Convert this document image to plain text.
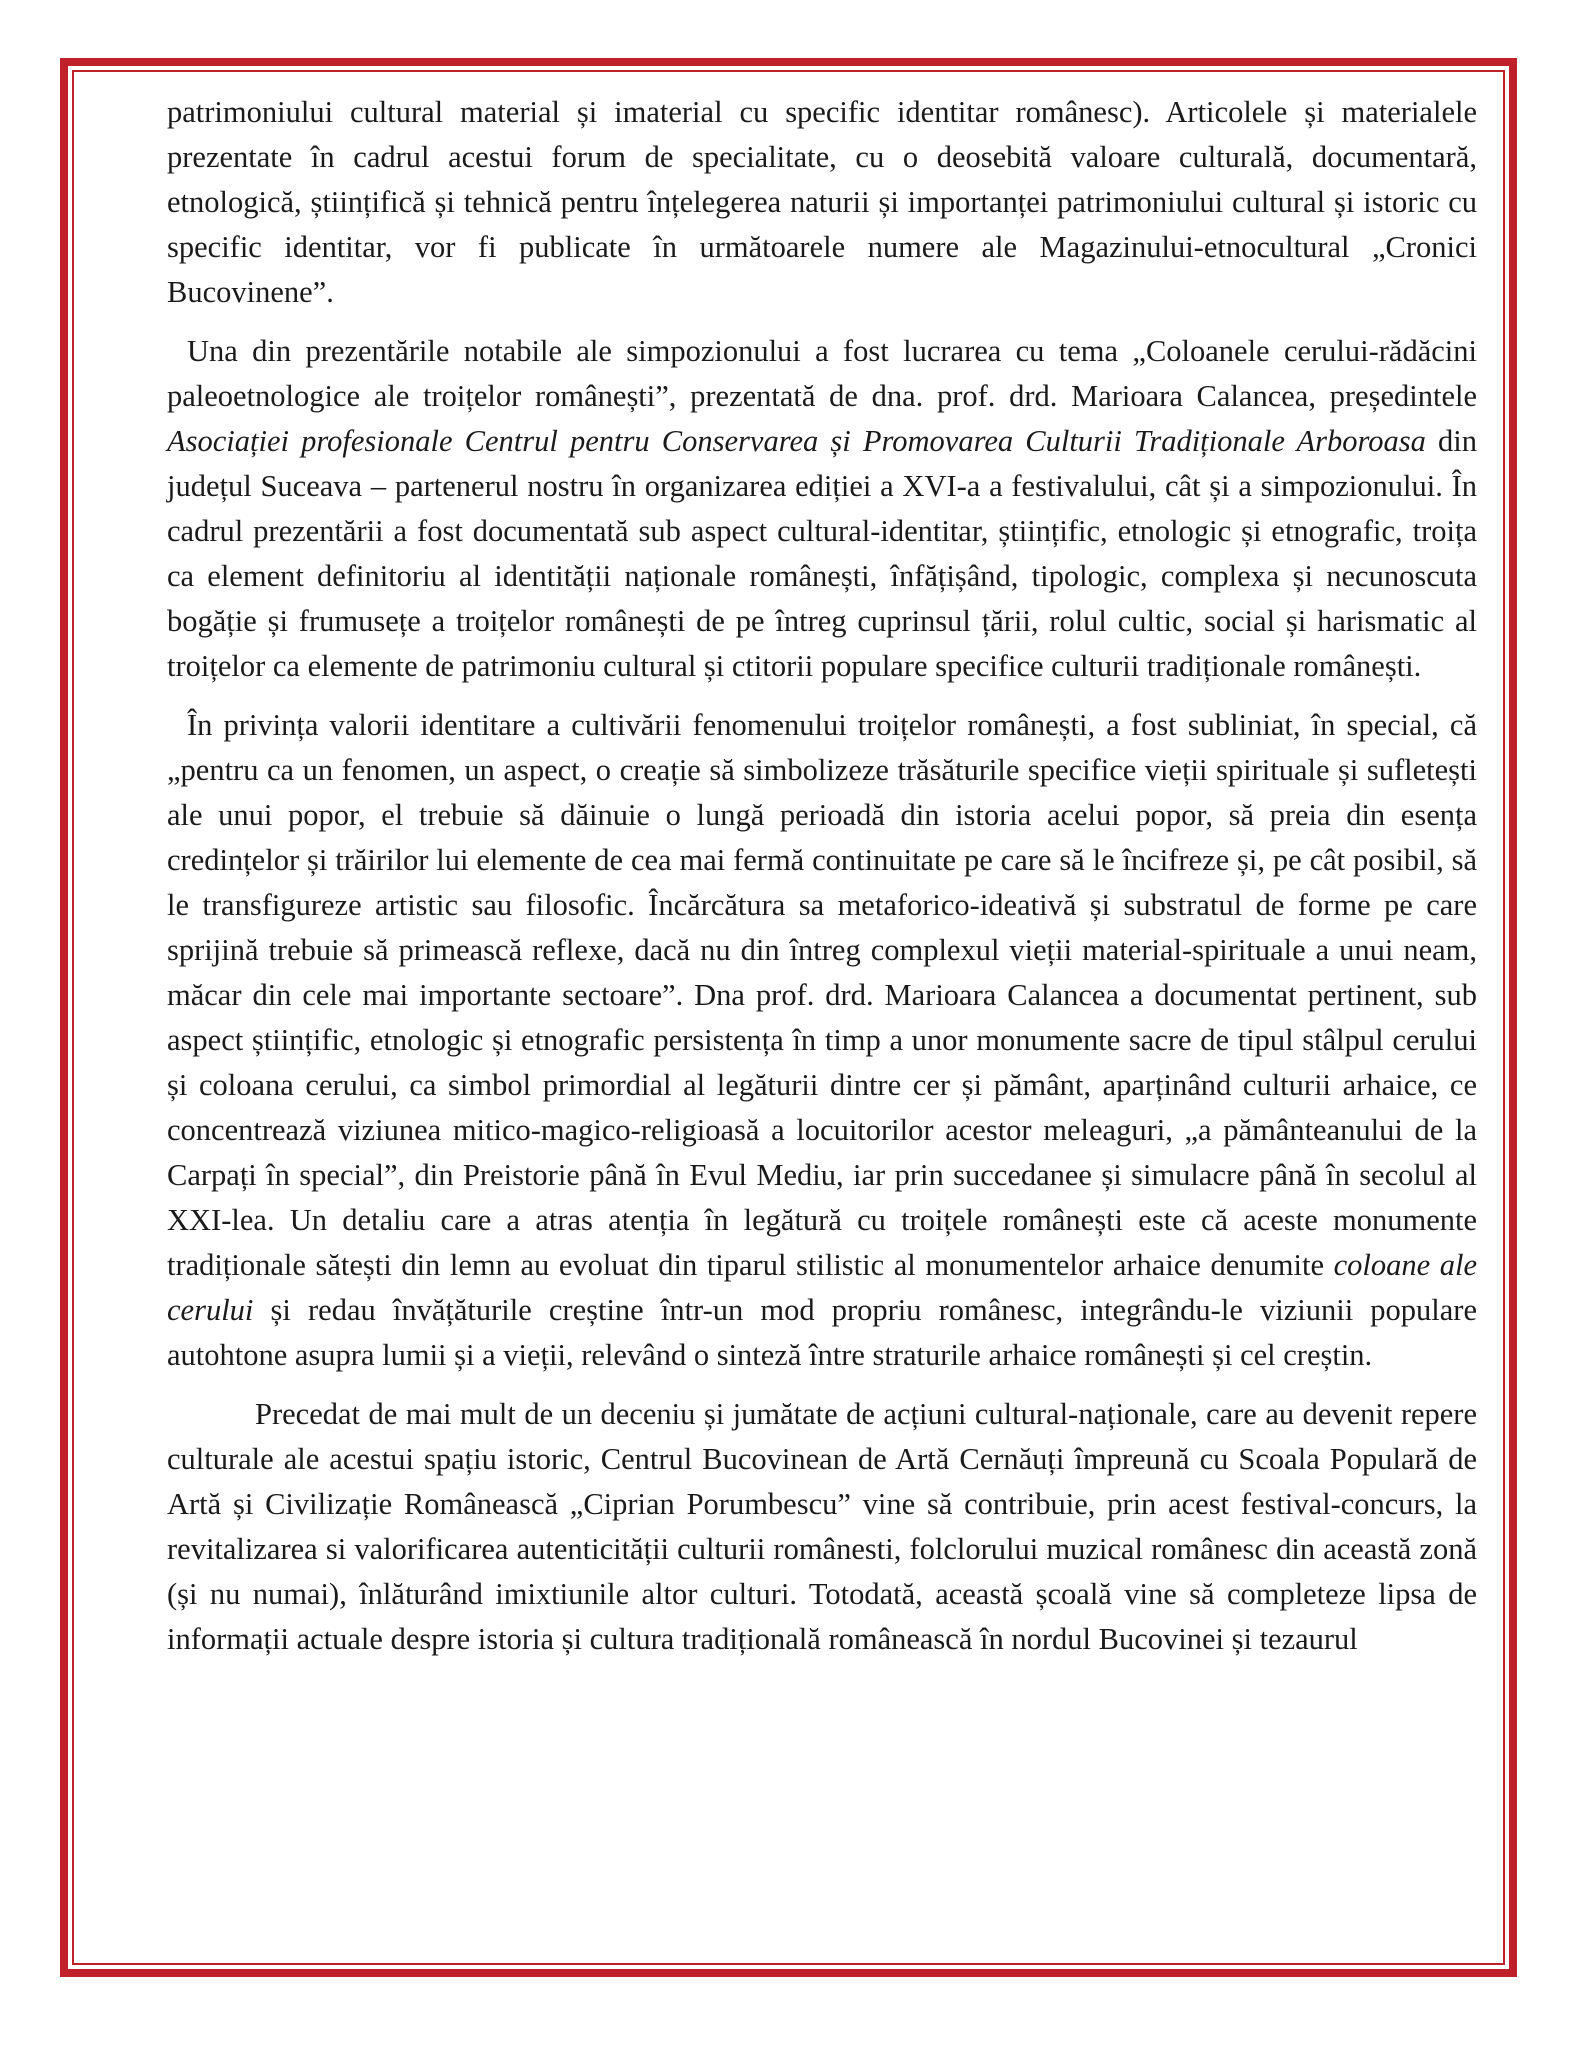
patrimoniului cultural material și imaterial cu specific identitar românesc). Articolele și materialele prezentate în cadrul acestui forum de specialitate, cu o deosebită valoare culturală, documentară, etnologică, științifică și tehnică pentru înțelegerea naturii și importanței patrimoniului cultural și istoric cu specific identitar, vor fi publicate în următoarele numere ale Magazinului-etnocultural „Cronici Bucovinene”.

Una din prezentările notabile ale simpozionului a fost lucrarea cu tema „Coloanele cerului-rădăcini paleoetnologice ale troițelor românești”, prezentată de dna. prof. drd. Marioara Calancea, președintele Asociației profesionale Centrul pentru Conservarea și Promovarea Culturii Tradiționale Arboroasa din județul Suceava – partenerul nostru în organizarea ediției a XVI-a a festivalului, cât și a simpozionului. În cadrul prezentării a fost documentată sub aspect cultural-identitar, științific, etnologic și etnografic, troița ca element definitoriu al identității naționale românești, înfățișând, tipologic, complexa și necunoscuta bogăție și frumusețe a troițelor românești de pe întreg cuprinsul țării, rolul cultic, social și harismatic al troițelor ca elemente de patrimoniu cultural și ctitorii populare specifice culturii tradiționale românești.

În privința valorii identitare a cultivării fenomenului troițelor românești, a fost subliniat, în special, că „pentru ca un fenomen, un aspect, o creație să simbolizeze trăsăturile specifice vieții spirituale și sufletești ale unui popor, el trebuie să dăinuie o lungă perioadă din istoria acelui popor, să preia din esența credințelor și trăirilor lui elemente de cea mai fermă continuitate pe care să le încifreze și, pe cât posibil, să le transfigureze artistic sau filosofic. Încărcătura sa metaforico-ideativă și substratul de forme pe care sprijină trebuie să primească reflexe, dacă nu din întreg complexul vieții material-spirituale a unui neam, măcar din cele mai importante sectoare”. Dna prof. drd. Marioara Calancea a documentat pertinent, sub aspect științific, etnologic și etnografic persistența în timp a unor monumente sacre de tipul stâlpul cerului și coloana cerului, ca simbol primordial al legăturii dintre cer și pământ, aparținând culturii arhaice, ce concentrează viziunea mitico-magico-religioasă a locuitorilor acestor meleaguri, „a pământeanului de la Carpați în special”, din Preistorie până în Evul Mediu, iar prin succedanee și simulacre până în secolul al XXI-lea. Un detaliu care a atras atenția în legătură cu troițele românești este că aceste monumente tradiționale sătești din lemn au evoluat din tiparul stilistic al monumentelor arhaice denumite coloane ale cerului și redau învățăturile creștine într-un mod propriu românesc, integrându-le viziunii populare autohtone asupra lumii și a vieții, relevând o sinteză între straturile arhaice românești și cel creștin.

Precedat de mai mult de un deceniu și jumătate de acțiuni cultural-naționale, care au devenit repere culturale ale acestui spațiu istoric, Centrul Bucovinean de Artă Cernăuți împreună cu Scoala Populară de Artă și Civilizație Românească „Ciprian Porumbescu” vine să contribuie, prin acest festival-concurs, la revitalizarea si valorificarea autenticității culturii românesti, folclorului muzical românesc din această zonă (și nu numai), înlăturând imixtiunile altor culturi. Totodată, această școală vine să completeze lipsa de informații actuale despre istoria și cultura tradițională românească în nordul Bucovinei și tezaurul
